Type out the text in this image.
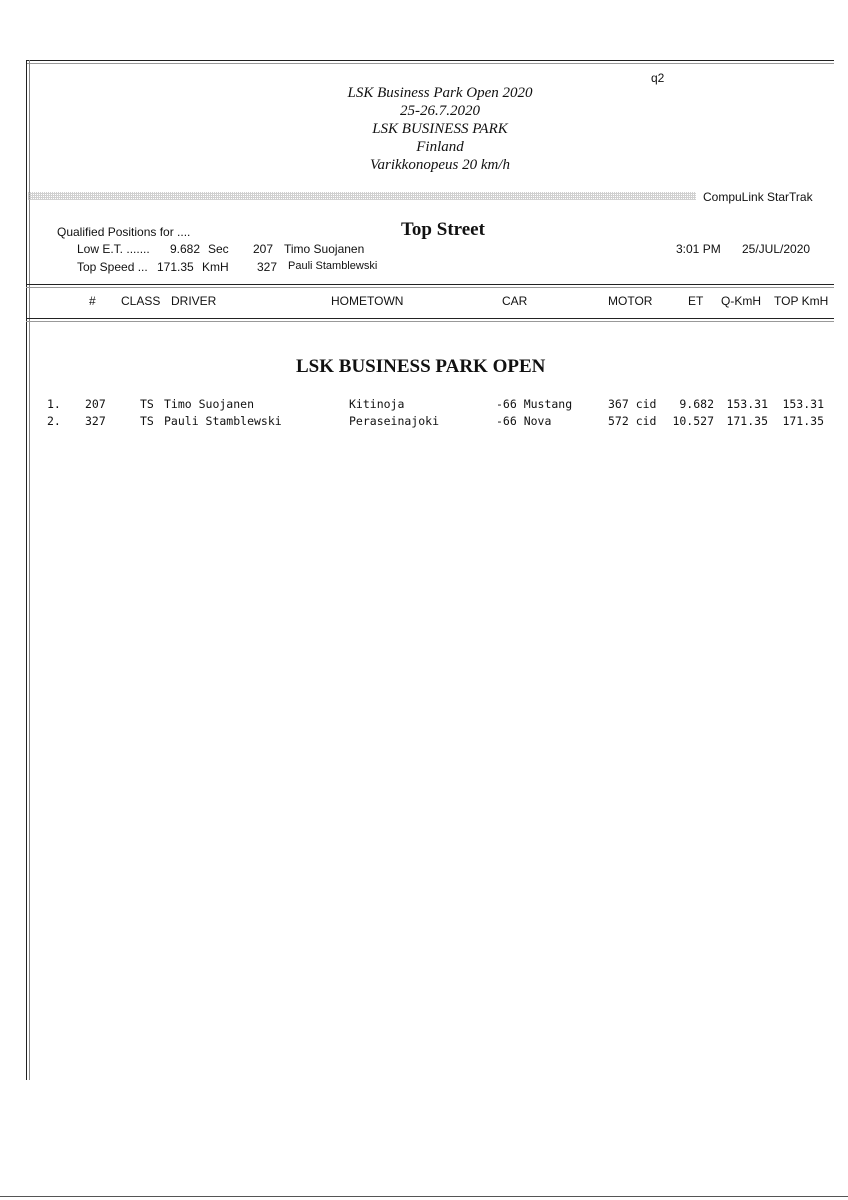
q2
LSK Business Park Open 2020
25-26.7.2020
LSK BUSINESS PARK
Finland
Varikkonopeus 20 km/h
CompuLink StarTrak
Qualified Positions for ....	Top Street
Low E.T. ....... 9.682 Sec 207 Timo Suojanen
Top Speed ... 171.35 KmH 327 Pauli Stamblewski
3:01 PM 25/JUL/2020
# CLASS DRIVER	HOMETOWN	CAR	MOTOR	ET Q-KmH TOP KmH
LSK BUSINESS PARK OPEN
1. 207	TS Timo Suojanen	Kitinoja	-66 Mustang	367 cid	9.682	153.31	153.31
2. 327	TS Pauli Stamblewski	Peraseinajoki	-66 Nova	572 cid	10.527	171.35	171.35
